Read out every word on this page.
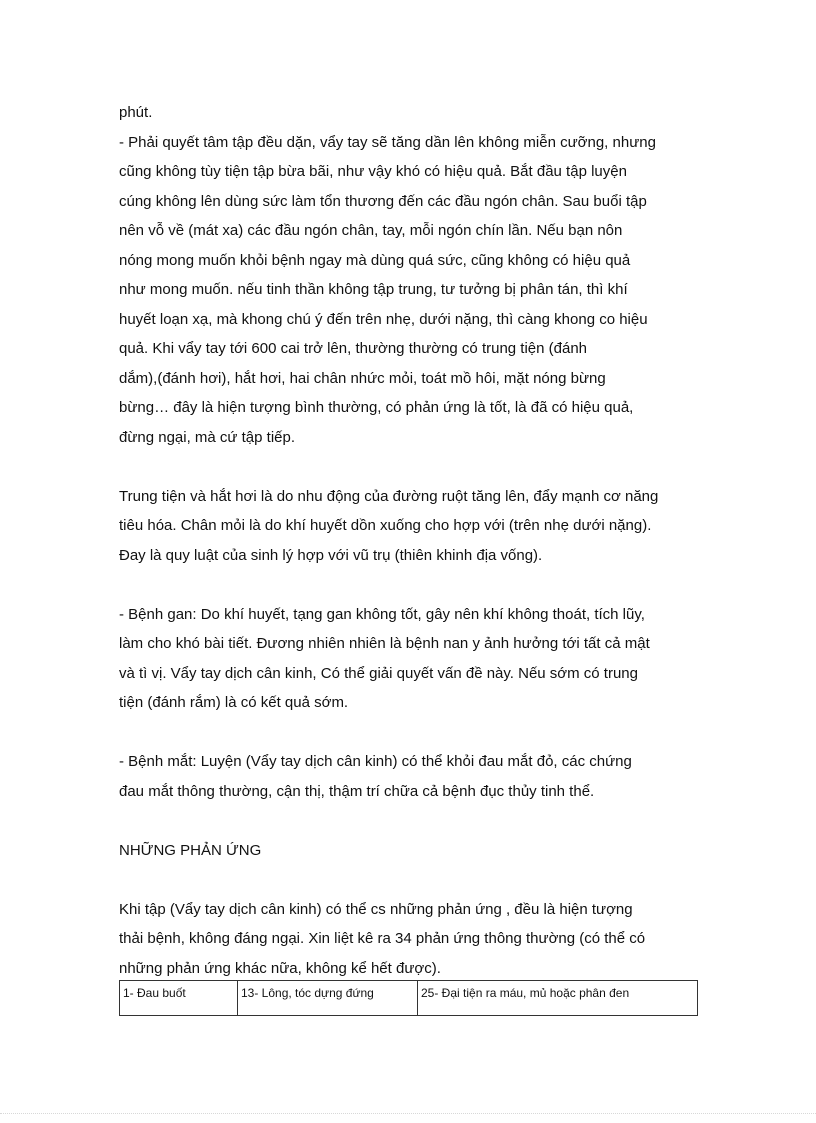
phút.
- Phải quyết tâm tập đều dặn, vẩy tay sẽ tăng dần lên không miễn cưỡng, nhưng
cũng không tùy tiện tập bừa bãi, như vậy khó có hiệu quả. Bắt đầu tập luyện
cúng không lên dùng sức làm tổn thương đến các đầu ngón chân. Sau buổi tập
nên vỗ về (mát xa) các đầu ngón chân, tay, mỗi ngón chín lần. Nếu bạn nôn
nóng mong muốn khỏi bệnh ngay mà dùng quá sức, cũng không có hiệu quả
như mong muốn. nếu tinh thần không tập trung, tư tưởng bị phân tán, thì khí
huyết loạn xạ, mà khong chú ý đến trên nhẹ, dưới nặng, thì càng khong co hiệu
quả. Khi vẩy tay tới 600 cai trở lên, thường thường có trung tiện (đánh
dắm),(đánh hơi), hắt hơi, hai chân nhức mỏi, toát mồ hôi, mặt nóng bừng
bừng… đây là hiện tượng bình thường, có phản ứng là tốt, là đã có hiệu quả,
đừng ngại, mà cứ tập tiếp.

Trung tiện và hắt hơi là do nhu động của đường ruột tăng lên, đẩy mạnh cơ năng
tiêu hóa. Chân mỏi là do khí huyết dồn xuống cho hợp với (trên nhẹ dưới nặng).
Đay là quy luật của sinh lý hợp với vũ trụ (thiên khinh địa vống).

- Bệnh gan: Do khí huyết, tạng gan không tốt, gây nên khí không thoát, tích lũy,
làm cho khó bài tiết. Đương nhiên nhiên là bệnh nan y ảnh hưởng tới tất cả mật
và tì vị. Vẩy tay dịch cân kinh, Có thể giải quyết vấn đề này. Nếu sớm có trung
tiện (đánh rắm) là có kết quả sớm.

- Bệnh mắt: Luyện (Vẩy tay dịch cân kinh) có thể khỏi đau mắt đỏ, các chứng
đau mắt thông thường, cận thị, thậm trí chữa cả bệnh đục thủy tinh thể.

NHỮNG PHẢN ỨNG

Khi tập (Vẩy tay dịch cân kinh) có thể cs những phản ứng , đều là hiện tượng
thải bệnh, không đáng ngại. Xin liệt kê ra 34 phản ứng thông thường (có thể có
những phản ứng khác nữa, không kể hết được).

1- Đau buốt	13- Lông, tóc dựng đứng	25- Đại tiện ra máu, mủ hoặc phân đen
